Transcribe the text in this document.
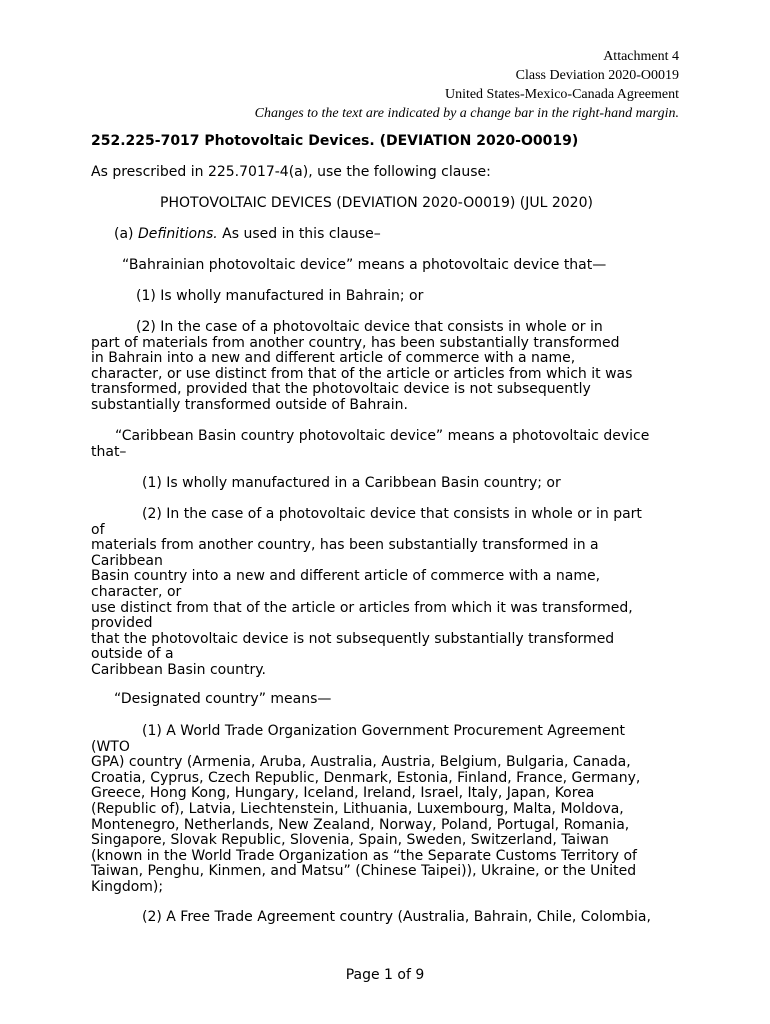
Attachment 4
Class Deviation 2020-O0019
United States-Mexico-Canada Agreement
Changes to the text are indicated by a change bar in the right-hand margin.
252.225-7017 Photovoltaic Devices. (DEVIATION 2020-O0019)
As prescribed in 225.7017-4(a), use the following clause:
PHOTOVOLTAIC DEVICES (DEVIATION 2020-O0019) (JUL 2020)
(a) Definitions. As used in this clause–
“Bahrainian photovoltaic device” means a photovoltaic device that—
(1) Is wholly manufactured in Bahrain; or
(2) In the case of a photovoltaic device that consists in whole or in
part of materials from another country, has been substantially transformed
in Bahrain into a new and different article of commerce with a name,
character, or use distinct from that of the article or articles from which it was
transformed, provided that the photovoltaic device is not subsequently
substantially transformed outside of Bahrain.
“Caribbean Basin country photovoltaic device” means a photovoltaic device
that–
(1) Is wholly manufactured in a Caribbean Basin country; or
(2) In the case of a photovoltaic device that consists in whole or in part
of
materials from another country, has been substantially transformed in a
Caribbean
Basin country into a new and different article of commerce with a name,
character, or
use distinct from that of the article or articles from which it was transformed,
provided
that the photovoltaic device is not subsequently substantially transformed
outside of a
Caribbean Basin country.
“Designated country” means—
(1) A World Trade Organization Government Procurement Agreement
(WTO
GPA) country (Armenia, Aruba, Australia, Austria, Belgium, Bulgaria, Canada,
Croatia, Cyprus, Czech Republic, Denmark, Estonia, Finland, France, Germany,
Greece, Hong Kong, Hungary, Iceland, Ireland, Israel, Italy, Japan, Korea
(Republic of), Latvia, Liechtenstein, Lithuania, Luxembourg, Malta, Moldova,
Montenegro, Netherlands, New Zealand, Norway, Poland, Portugal, Romania,
Singapore, Slovak Republic, Slovenia, Spain, Sweden, Switzerland, Taiwan
(known in the World Trade Organization as “the Separate Customs Territory of
Taiwan, Penghu, Kinmen, and Matsu” (Chinese Taipei)), Ukraine, or the United
Kingdom);
(2) A Free Trade Agreement country (Australia, Bahrain, Chile, Colombia,
Page 1 of 9
